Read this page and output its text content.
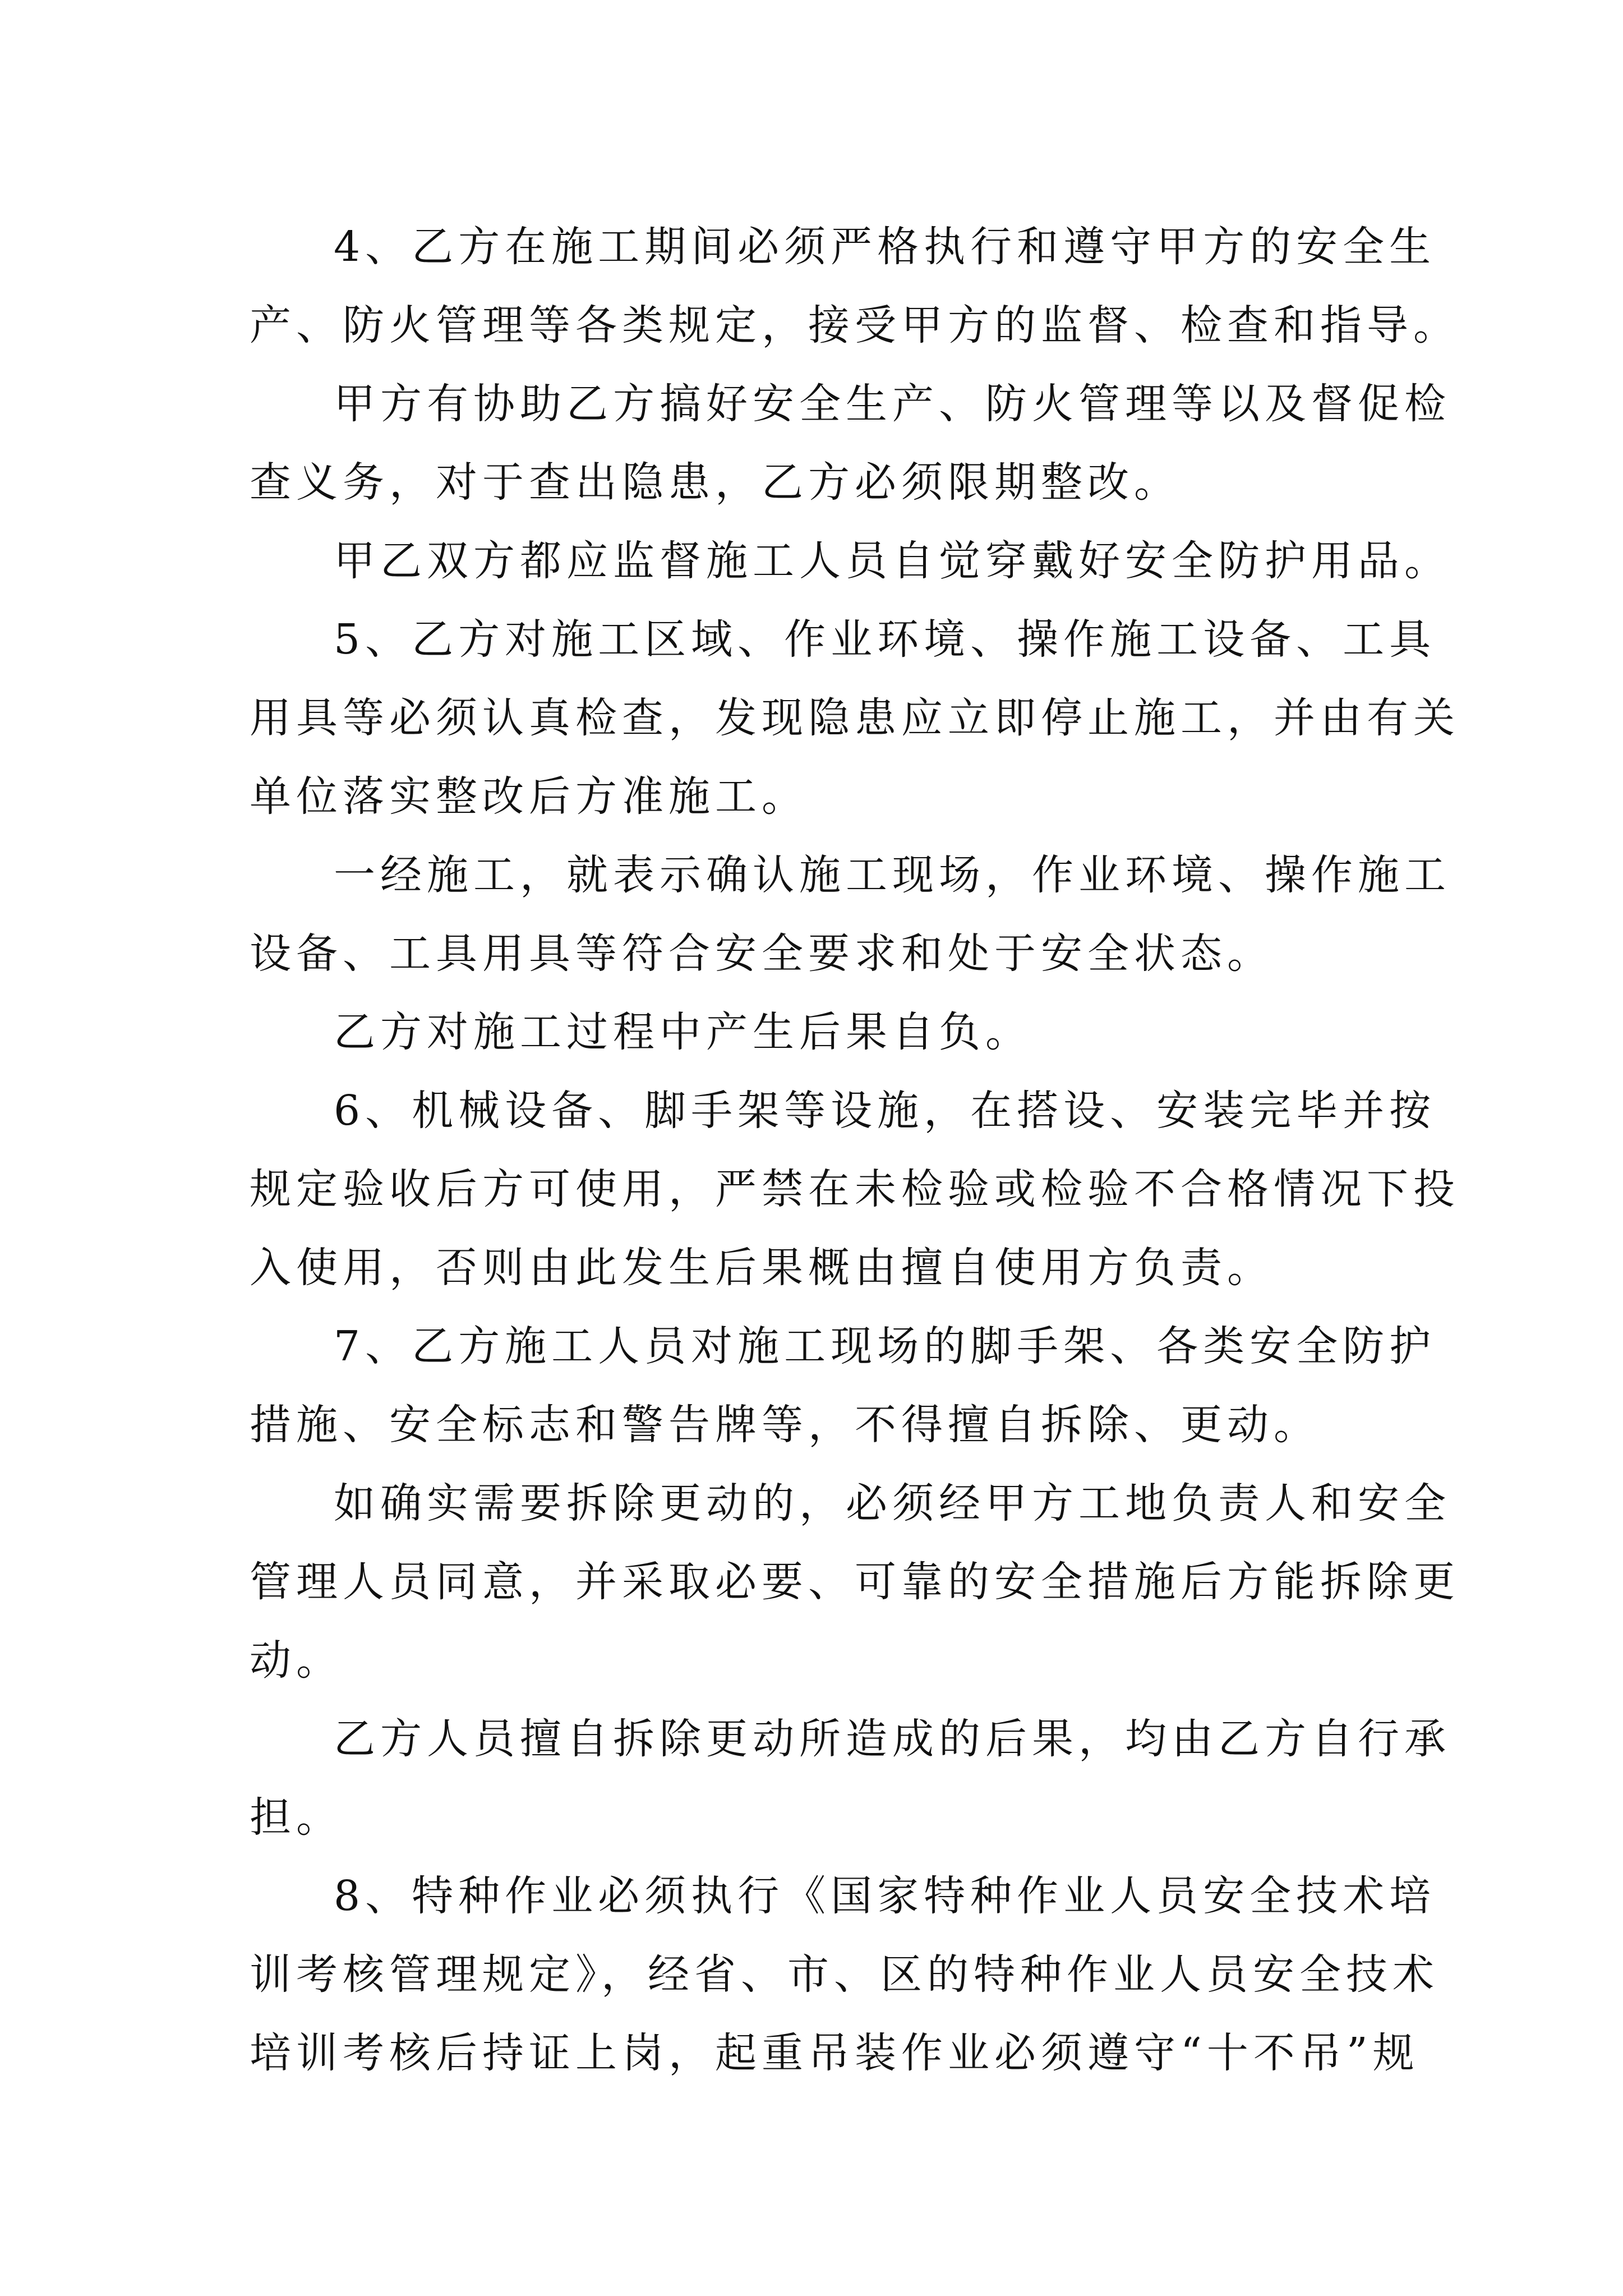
4、乙方在施工期间必须严格执行和遵守甲方的安全生
产、防火管理等各类规定，接受甲方的监督、检查和指导。
甲方有协助乙方搞好安全生产、防火管理等以及督促检
查义务，对于查出隐患，乙方必须限期整改。
甲乙双方都应监督施工人员自觉穿戴好安全防护用品。
5、乙方对施工区域、作业环境、操作施工设备、工具
用具等必须认真检查，发现隐患应立即停止施工，并由有关
单位落实整改后方准施工。
一经施工，就表示确认施工现场，作业环境、操作施工
设备、工具用具等符合安全要求和处于安全状态。
乙方对施工过程中产生后果自负。
6、机械设备、脚手架等设施，在搭设、安装完毕并按
规定验收后方可使用，严禁在未检验或检验不合格情况下投
入使用，否则由此发生后果概由擅自使用方负责。
7、乙方施工人员对施工现场的脚手架、各类安全防护
措施、安全标志和警告牌等，不得擅自拆除、更动。
如确实需要拆除更动的，必须经甲方工地负责人和安全
管理人员同意，并采取必要、可靠的安全措施后方能拆除更
动。
乙方人员擅自拆除更动所造成的后果，均由乙方自行承
担。
8、特种作业必须执行《国家特种作业人员安全技术培
训考核管理规定》，经省、市、区的特种作业人员安全技术
培训考核后持证上岗，起重吊装作业必须遵守“十不吊”规
